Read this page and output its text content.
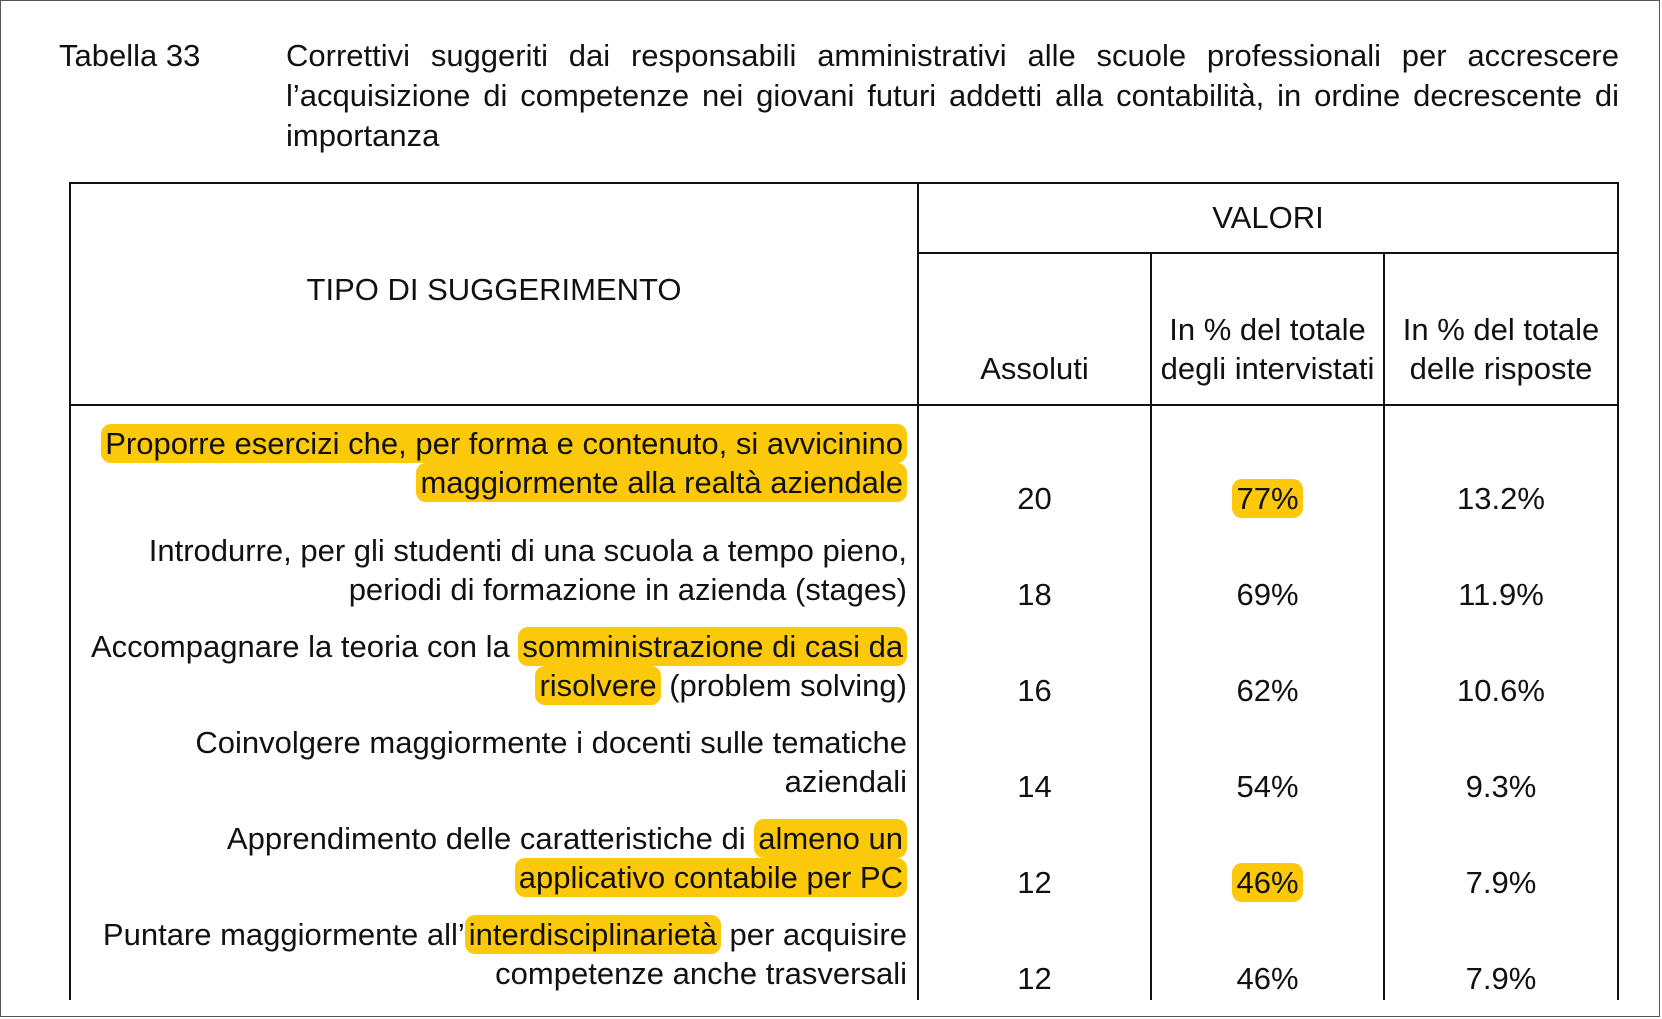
Tabella 33	Correttivi suggeriti dai responsabili amministrativi alle scuole professionali per accrescere l’acquisizione di competenze nei giovani futuri addetti alla contabilità, in ordine decrescente di importanza
TIPO DI SUGGERIMENTO	VALORI		
	Assoluti	In % del totale degli intervistati	In % del totale delle risposte
Proporre esercizi che, per forma e contenuto, si avvicinino maggiormente alla realtà aziendale	20	77%	13.2%
Introdurre, per gli studenti di una scuola a tempo pieno, periodi di formazione in azienda (stages)	18	69%	11.9%
Accompagnare la teoria con la somministrazione di casi da risolvere (problem solving)	16	62%	10.6%
Coinvolgere maggiormente i docenti sulle tematiche aziendali	14	54%	9.3%
Apprendimento delle caratteristiche di almeno un applicativo contabile per PC	12	46%	7.9%
Puntare maggiormente all’ interdisciplinarietà per acquisire competenze anche trasversali	12	46%	7.9%
